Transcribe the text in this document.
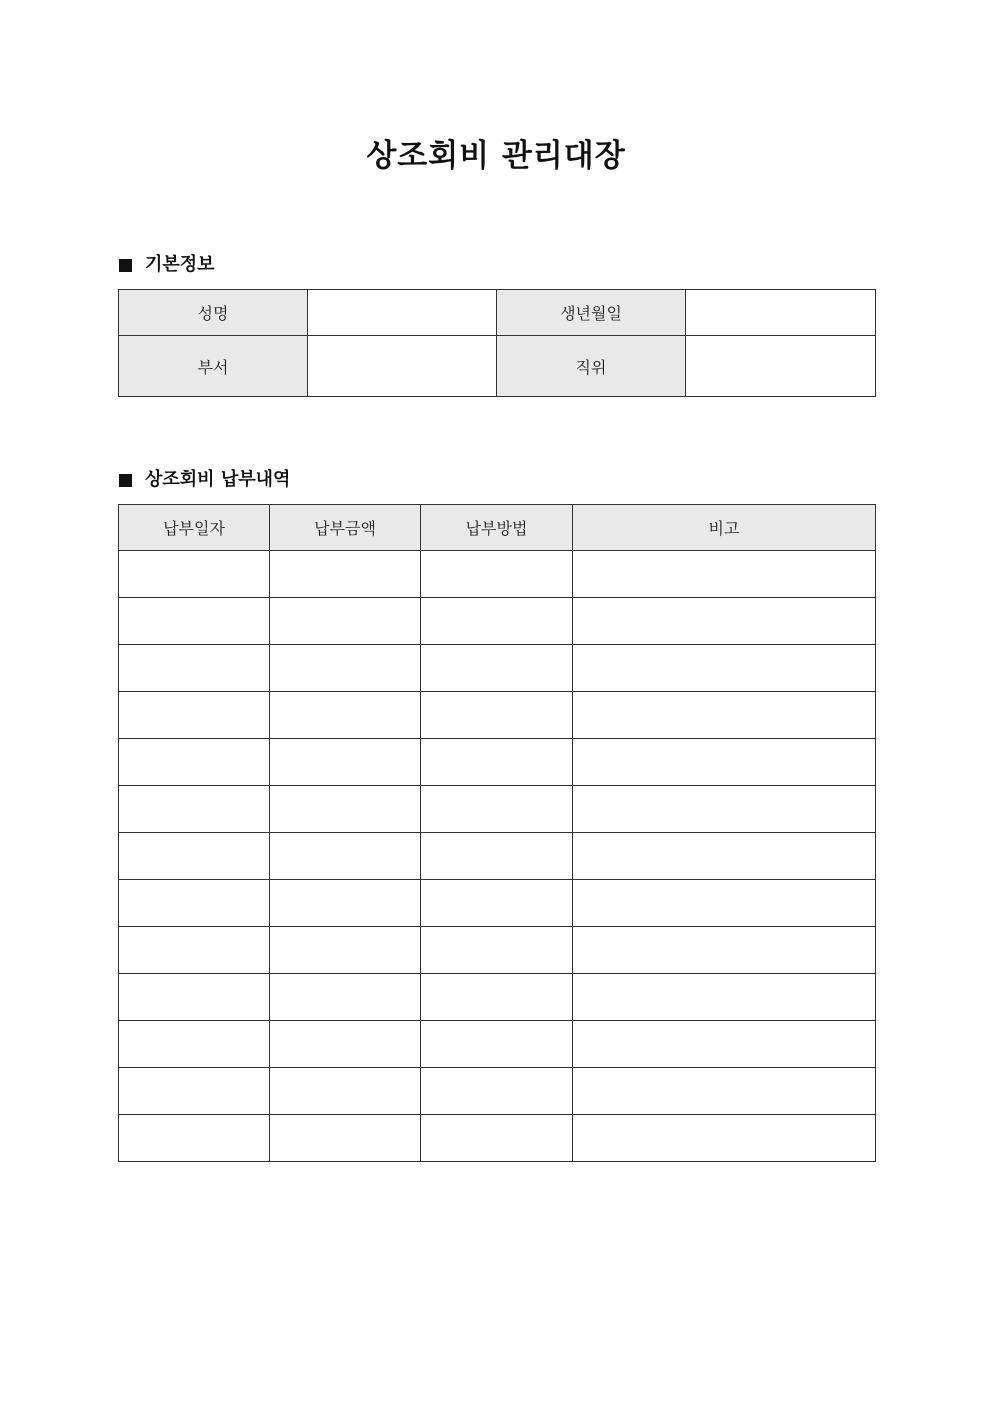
상조회비 관리대장
기본정보
성명		생년월일	
부서		직위	
상조회비 납부내역
납부일자	납부금액	납부방법	비고
